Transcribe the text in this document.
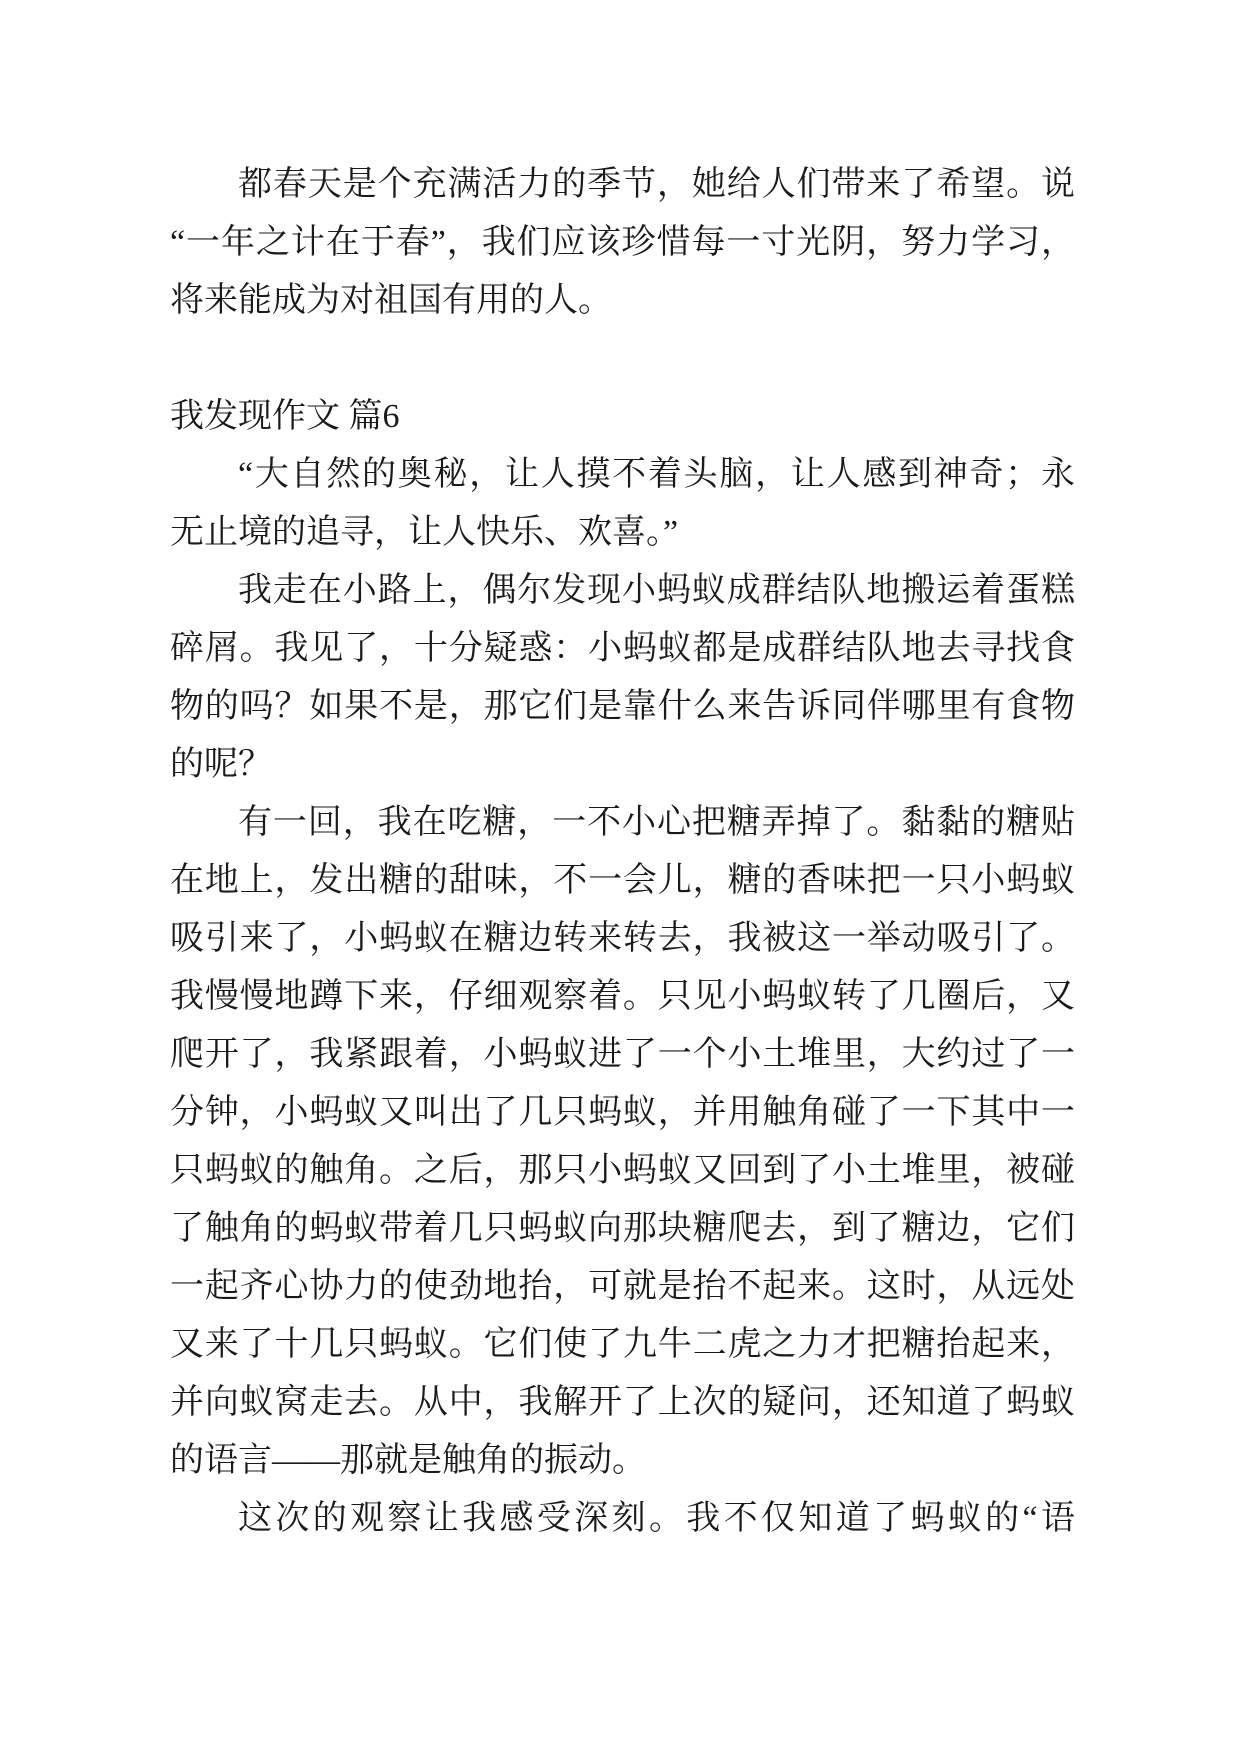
都春天是个充满活力的季节，她给人们带来了希望。说
“一年之计在于春”，我们应该珍惜每一寸光阴，努力学习，
将来能成为对祖国有用的人。
我发现作文 篇6
“大自然的奥秘，让人摸不着头脑，让人感到神奇；永
无止境的追寻，让人快乐、欢喜。”
我走在小路上，偶尔发现小蚂蚁成群结队地搬运着蛋糕
碎屑。我见了，十分疑惑：小蚂蚁都是成群结队地去寻找食
物的吗？如果不是，那它们是靠什么来告诉同伴哪里有食物
的呢？
有一回，我在吃糖，一不小心把糖弄掉了。黏黏的糖贴
在地上，发出糖的甜味，不一会儿，糖的香味把一只小蚂蚁
吸引来了，小蚂蚁在糖边转来转去，我被这一举动吸引了。
我慢慢地蹲下来，仔细观察着。只见小蚂蚁转了几圈后，又
爬开了，我紧跟着，小蚂蚁进了一个小土堆里，大约过了一
分钟，小蚂蚁又叫出了几只蚂蚁，并用触角碰了一下其中一
只蚂蚁的触角。之后，那只小蚂蚁又回到了小土堆里，被碰
了触角的蚂蚁带着几只蚂蚁向那块糖爬去，到了糖边，它们
一起齐心协力的使劲地抬，可就是抬不起来。这时，从远处
又来了十几只蚂蚁。它们使了九牛二虎之力才把糖抬起来，
并向蚁窝走去。从中，我解开了上次的疑问，还知道了蚂蚁
的语言——那就是触角的振动。
这次的观察让我感受深刻。我不仅知道了蚂蚁的“语
